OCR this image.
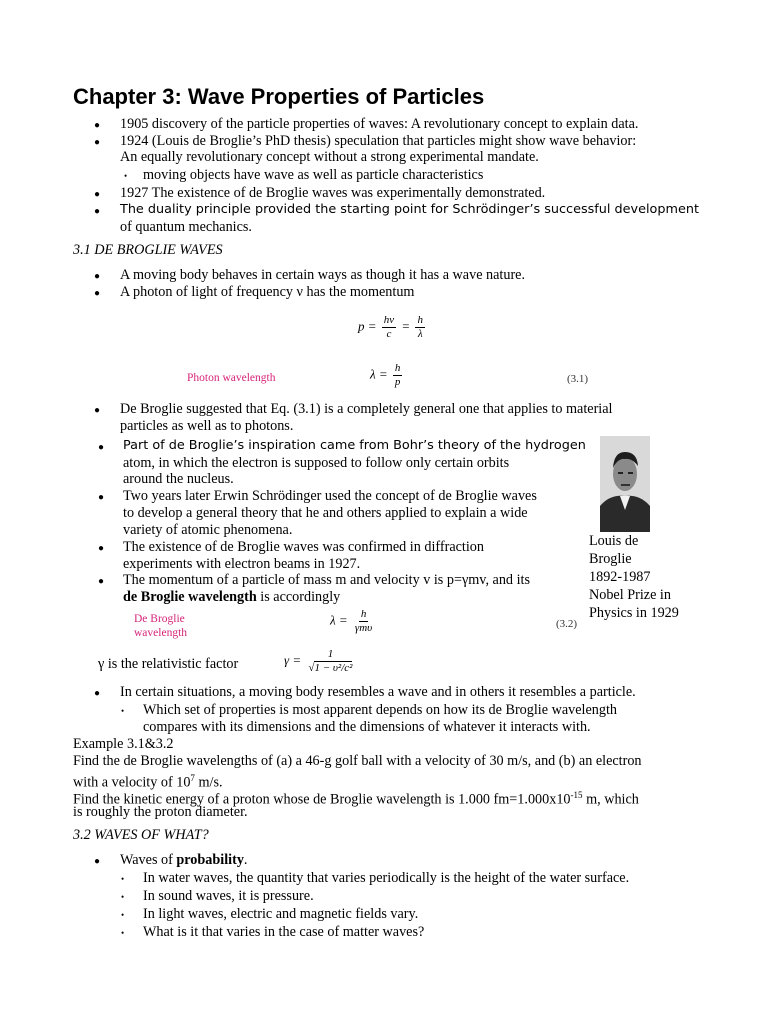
Chapter 3: Wave Properties of Particles
● 1905 discovery of the particle properties of waves: A revolutionary concept to explain data.
● 1924 (Louis de Broglie’s PhD thesis) speculation that particles might show wave behavior:
An equally revolutionary concept without a strong experimental mandate.
• moving objects have wave as well as particle characteristics
● 1927 The existence of de Broglie waves was experimentally demonstrated.
● The duality principle provided the starting point for Schrödinger’s successful development
of quantum mechanics.
3.1 DE BROGLIE WAVES
● A moving body behaves in certain ways as though it has a wave nature.
● A photon of light of frequency ν has the momentum
$p = \frac{h\nu}{c} = \frac{h}{\lambda}$
Photon wavelength	$\lambda = \frac{h}{p}$	(3.1)
● De Broglie suggested that Eq. (3.1) is a completely general one that applies to material
particles as well as to photons.
● Part of de Broglie’s inspiration came from Bohr’s theory of the hydrogen
atom, in which the electron is supposed to follow only certain orbits
around the nucleus.
● Two years later Erwin Schrödinger used the concept of de Broglie waves
to develop a general theory that he and others applied to explain a wide
variety of atomic phenomena.
● The existence of de Broglie waves was confirmed in diffraction
experiments with electron beams in 1927.
● The momentum of a particle of mass m and velocity v is p=γmv, and its
de Broglie wavelength is accordingly
De Broglie
wavelength
$\lambda = \frac{h}{\text{γmυ}}$	(3.2)
γ is the relativistic factor	$\gamma = \frac{1}{\text{√1 − υ²/c²}}$
● In certain situations, a moving body resembles a wave and in others it resembles a particle.
• Which set of properties is most apparent depends on how its de Broglie wavelength
compares with its dimensions and the dimensions of whatever it interacts with.
Louis de
Broglie
1892-1987
Nobel Prize in
Physics in 1929
Example 3.1&3.2
Find the de Broglie wavelengths of (a) a 46-g golf ball with a velocity of 30 m/s, and (b) an electron
with a velocity of $10^7$ m/s.
Find the kinetic energy of a proton whose de Broglie wavelength is 1.000 $fm=1.000x10^{-15}$ m, which
is roughly the proton diameter.
3.2 WAVES OF WHAT?
● Waves of probability.
• In water waves, the quantity that varies periodically is the height of the water surface.
• In sound waves, it is pressure.
• In light waves, electric and magnetic fields vary.
• What is it that varies in the case of matter waves?
